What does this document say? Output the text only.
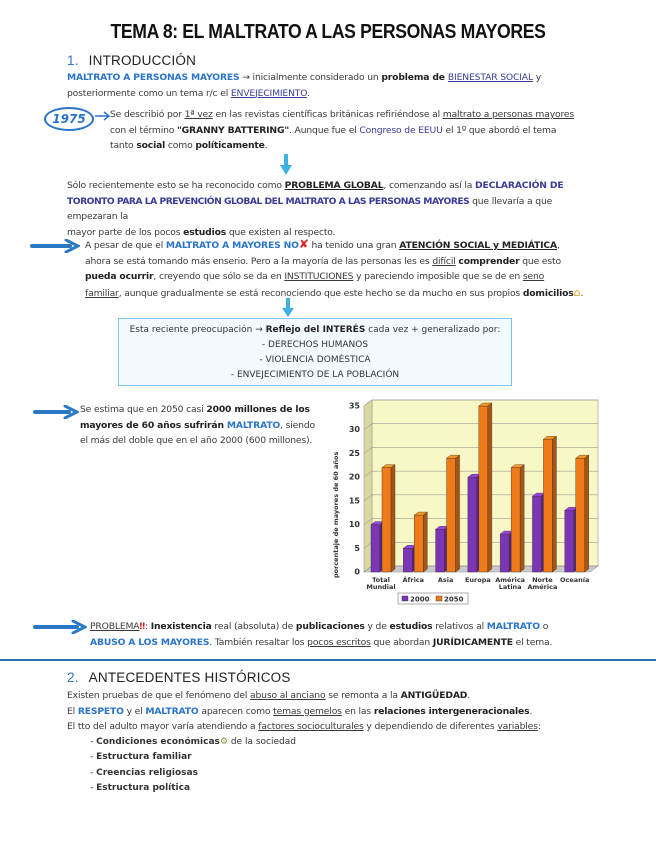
TEMA 8: EL MALTRATO A LAS PERSONAS MAYORES
1. INTRODUCCIÓN
MALTRATO A PERSONAS MAYORES → inicialmente considerado un problema de BIENESTAR SOCIAL y
posteriormente como un tema r/c el ENVEJECIMIENTO.
1975	Se describió por 1ª vez en las revistas científicas británicas refiriéndose al maltrato a personas mayores
con el término "GRANNY BATTERING". Aunque fue el Congreso de EEUU el 1º que abordó el tema
tanto social como políticamente.
Sólo recientemente esto se ha reconocido como PROBLEMA GLOBAL, comenzando así la DECLARACIÓN DE
TORONTO PARA LA PREVENCIÓN GLOBAL DEL MALTRATO A LAS PERSONAS MAYORES que llevaría a que empezaran la
mayor parte de los pocos estudios que existen al respecto.
A pesar de que el MALTRATO A MAYORES NO✘ ha tenido una gran ATENCIÓN SOCIAL y MEDIÁTICA,
ahora se está tomando más enserio. Pero a la mayoría de las personas les es difícil comprender que esto
pueda ocurrir, creyendo que sólo se da en INSTITUCIONES y pareciendo imposible que se de en seno
familiar, aunque gradualmente se está reconociendo que este hecho se da mucho en sus propios domicilios⌂.
Esta reciente preocupación → Reflejo del INTERÉS cada vez + generalizado por:
- DERECHOS HUMANOS
- VIOLENCIA DOMÉSTICA
- ENVEJECIMIENTO DE LA POBLACIÓN
Se estima que en 2050 casi 2000 millones de los
mayores de 60 años sufrirán MALTRATO, siendo
el más del doble que en el año 2000 (600 millones).
0
5
10
15
20
25
30
35
Total
Mundial
África Asia Europa América
Latina
Norte
América
Oceanía
porcentaje de mayores de 60 años
2000 2050
PROBLEMA‼: Inexistencia real (absoluta) de publicaciones y de estudios relativos al MALTRATO o
ABUSO A LOS MAYORES. También resaltar los pocos escritos que abordan JURÍDICAMENTE el tema.
2. ANTECEDENTES HISTÓRICOS
Existen pruebas de que el fenómeno del abuso al anciano se remonta a la ANTIGÜEDAD.
El RESPETO y el MALTRATO aparecen como temas gemelos en las relaciones intergeneracionales.
El tto del adulto mayor varía atendiendo a factores socioculturales y dependiendo de diferentes variables:
- Condiciones económicas⚙ de la sociedad
- Estructura familiar
- Creencias religiosas
- Estructura política
